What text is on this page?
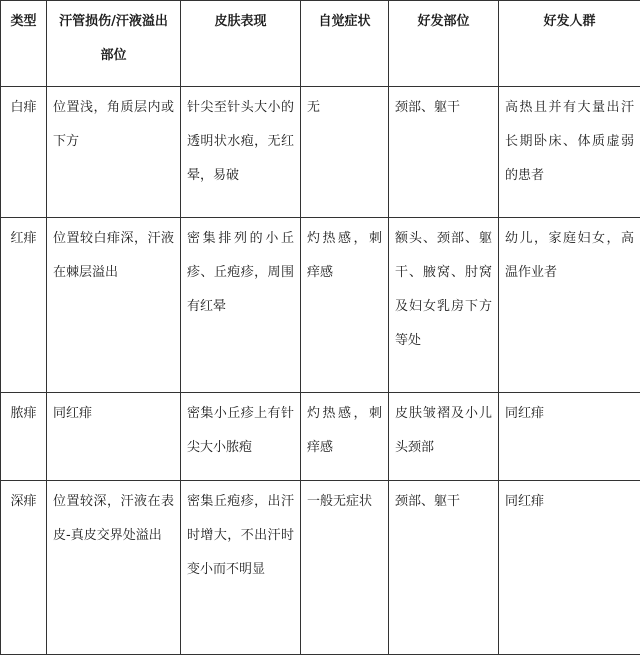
类型	汗管损伤/汗液溢出部位	皮肤表现	自觉症状	好发部位	好发人群
白痱	位置浅，角质层内或下方	针尖至针头大小的透明状水疱，无红晕，易破	无	颈部、躯干	高热且并有大量出汗长期卧床、体质虚弱的患者
红痱	位置较白痱深，汗液在棘层溢出	密集排列的小丘疹、丘疱疹，周围有红晕	灼热感，刺痒感	额头、颈部、躯干、腋窝、肘窝及妇女乳房下方等处	幼儿，家庭妇女，高温作业者
脓痱	同红痱	密集小丘疹上有针尖大小脓疱	灼热感，刺痒感	皮肤皱褶及小儿头颈部	同红痱
深痱	位置较深，汗液在表皮-真皮交界处溢出	密集丘疱疹，出汗时增大，不出汗时变小而不明显	一般无症状	颈部、躯干	同红痱
